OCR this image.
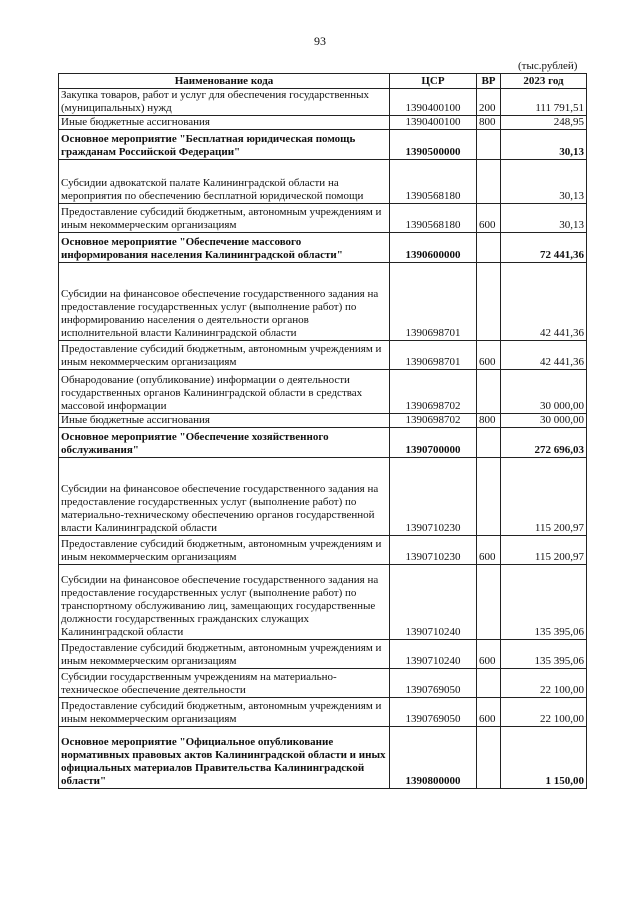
93
(тыс.рублей)
Наименование кода	ЦСР	ВР	2023 год
Закупка товаров, работ и услуг для обеспечения государственных (муниципальных) нужд	1390400100	200	111 791,51
Иные бюджетные ассигнования	1390400100	800	248,95
Основное мероприятие "Бесплатная юридическая помощь гражданам Российской Федерации"	1390500000		30,13
Субсидии адвокатской палате Калининградской области на мероприятия по обеспечению бесплатной юридической помощи	1390568180		30,13
Предоставление субсидий бюджетным, автономным учреждениям и иным некоммерческим организациям	1390568180	600	30,13
Основное мероприятие "Обеспечение массового информирования населения Калининградской области"	1390600000		72 441,36
Субсидии на финансовое обеспечение государственного задания на предоставление государственных услуг (выполнение работ) по информированию населения о деятельности органов исполнительной власти Калининградской области	1390698701		42 441,36
Предоставление субсидий бюджетным, автономным учреждениям и иным некоммерческим организациям	1390698701	600	42 441,36
Обнародование (опубликование) информации о деятельности государственных органов Калининградской области в средствах массовой информации	1390698702		30 000,00
Иные бюджетные ассигнования	1390698702	800	30 000,00
Основное мероприятие "Обеспечение хозяйственного обслуживания"	1390700000		272 696,03
Субсидии на финансовое обеспечение государственного задания на предоставление государственных услуг (выполнение работ) по материально-техническому обеспечению органов государственной власти Калининградской области	1390710230		115 200,97
Предоставление субсидий бюджетным, автономным учреждениям и иным некоммерческим организациям	1390710230	600	115 200,97
Субсидии на финансовое обеспечение государственного задания на предоставление государственных услуг (выполнение работ) по транспортному обслуживанию лиц, замещающих государственные должности государственных гражданских служащих Калининградской области	1390710240		135 395,06
Предоставление субсидий бюджетным, автономным учреждениям и иным некоммерческим организациям	1390710240	600	135 395,06
Субсидии государственным учреждениям на материально-техническое обеспечение деятельности	1390769050		22 100,00
Предоставление субсидий бюджетным, автономным учреждениям и иным некоммерческим организациям	1390769050	600	22 100,00
Основное мероприятие "Официальное опубликование нормативных правовых актов Калининградской области и иных официальных материалов Правительства Калининградской области"	1390800000		1 150,00
